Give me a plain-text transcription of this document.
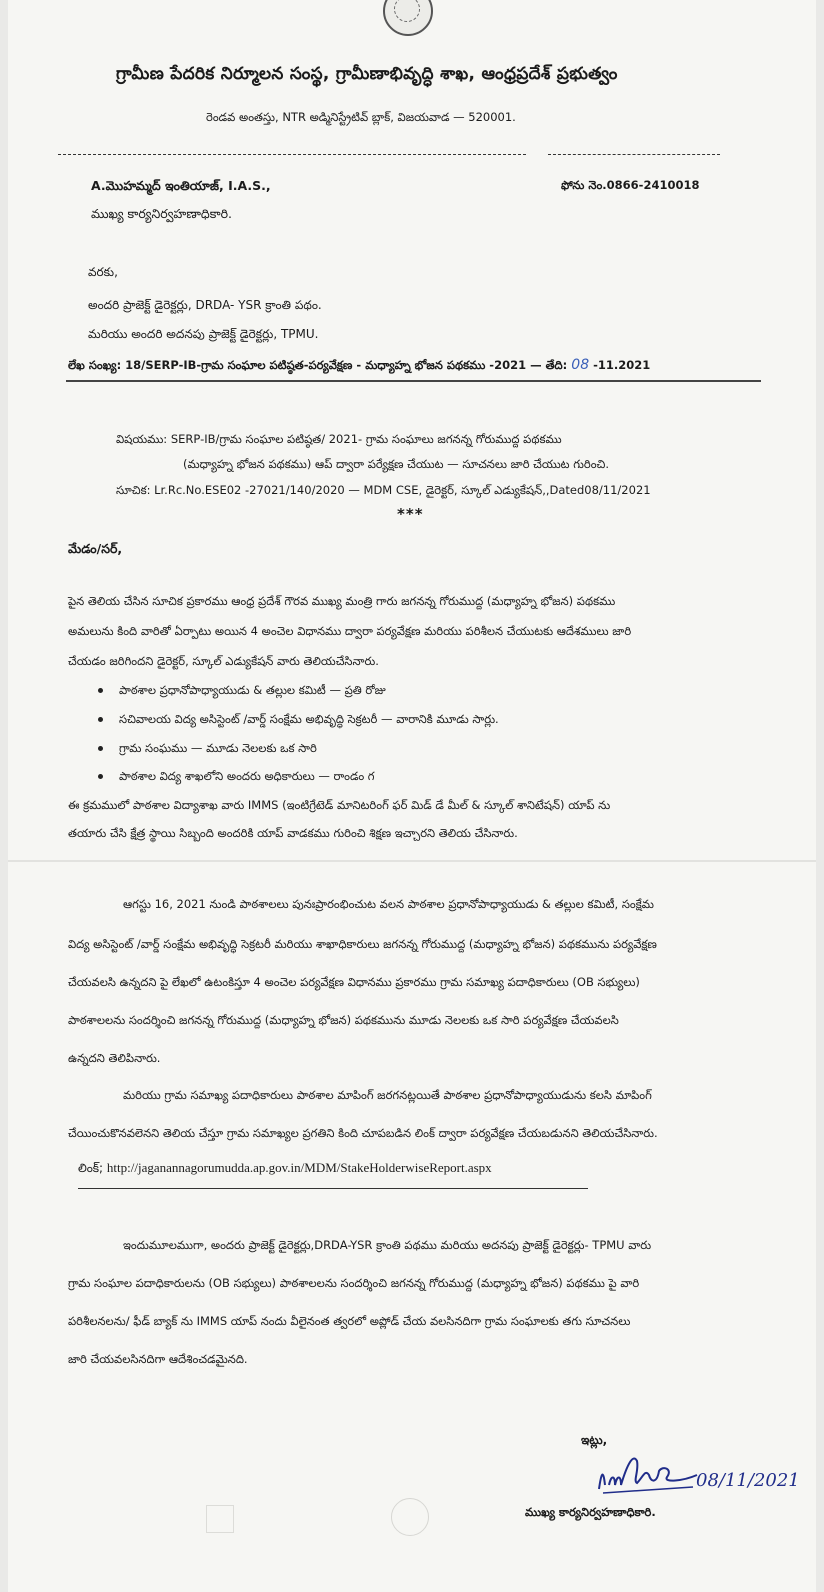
గ్రామీణ పేదరిక నిర్మూలన సంస్థ, గ్రామీణాభివృద్ధి శాఖ, ఆంధ్రప్రదేశ్ ప్రభుత్వం
రెండవ అంతస్తు, NTR అడ్మినిస్ట్రేటివ్ బ్లాక్, విజయవాడ — 520001.
A.మొహమ్మద్ ఇంతియాజ్, I.A.S.,	ఫోను నెం.0866-2410018
ముఖ్య కార్యనిర్వహణాధికారి.
వరకు,
అందరి ప్రాజెక్ట్ డైరెక్టర్లు, DRDA- YSR క్రాంతి పథం.
మరియు అందరి అదనపు ప్రాజెక్ట్ డైరెక్టర్లు, TPMU.
లేఖ సంఖ్య: 18/SERP-IB-గ్రామ సంఘాల పటిష్ఠత-పర్యవేక్షణ - మధ్యాహ్న భోజన పథకము -2021 — తేది: 08 -11.2021
విషయము: SERP-IB/గ్రామ సంఘాల పటిష్ఠత/ 2021- గ్రామ సంఘాలు జగనన్న గోరుముద్ద పథకము
(మధ్యాహ్న భోజన పథకము) ఆప్ ద్వారా పర్యేక్షణ చేయుట — సూచనలు జారి చేయుట గురించి.
సూచిక: Lr.Rc.No.ESE02 -27021/140/2020 — MDM CSE, డైరెక్టర్, స్కూల్ ఎడ్యుకేషన్,,Dated08/11/2021
***
మేడం/సర్,
పైన తెలియ చేసిన సూచిక ప్రకారము ఆంధ్ర ప్రదేశ్ గౌరవ ముఖ్య మంత్రి గారు జగనన్న గోరుముద్ద (మధ్యాహ్న భోజన) పథకము
అమలును కింది వారితో ఏర్పాటు అయిన 4 అంచెల విధానము ద్వారా పర్యవేక్షణ మరియు పరిశీలన చేయుటకు ఆదేశములు జారి
చేయడం జరిగిందని డైరెక్టర్, స్కూల్ ఎడ్యుకేషన్ వారు తెలియచేసినారు.
పాఠశాల ప్రధానోపాధ్యాయుడు & తల్లుల కమిటీ — ప్రతి రోజు
సచివాలయ విద్య అసిస్టెంట్ /వార్డ్ సంక్షేమ అభివృద్ధి సెక్రటరీ — వారానికి మూడు సార్లు.
గ్రామ సంఘము — మూడు నెలలకు ఒక సారి
పాఠశాల విద్య శాఖలోని అందరు అధికారులు — రాండం గ
ఈ క్రమములో పాఠశాల విద్యాశాఖ వారు IMMS (ఇంటిగ్రేటెడ్ మానిటరింగ్ ఫర్ మిడ్ డే మీల్ & స్కూల్ శానిటేషన్) యాప్ ను
తయారు చేసి క్షేత్ర స్థాయి సిబ్బంది అందరికి యాప్ వాడకము గురించి శిక్షణ ఇచ్చారని తెలియ చేసినారు.
ఆగస్టు 16, 2021 నుండి పాఠశాలలు పునఃప్రారంభించుట వలన పాఠశాల ప్రధానోపాధ్యాయుడు & తల్లుల కమిటీ, సంక్షేమ
విద్య అసిస్టెంట్ /వార్డ్ సంక్షేమ అభివృద్ధి సెక్రటరీ మరియు శాఖాధికారులు జగనన్న గోరుముద్ద (మధ్యాహ్న భోజన) పథకమును పర్యవేక్షణ
చేయవలసి ఉన్నదని పై లేఖలో ఉటంకిస్తూ 4 అంచెల పర్యవేక్షణ విధానము ప్రకారము గ్రామ సమాఖ్య పదాధికారులు (OB సభ్యులు)
పాఠశాలలను సందర్శించి జగనన్న గోరుముద్ద (మధ్యాహ్న భోజన) పథకమును మూడు నెలలకు ఒక సారి పర్యవేక్షణ చేయవలసి
ఉన్నదని తెలిపినారు.
మరియు గ్రామ సమాఖ్య పదాధికారులు పాఠశాల మాపింగ్ జరగనట్లయితే పాఠశాల ప్రధానోపాధ్యాయుడును కలసి మాపింగ్
చేయించుకొనవలెనని తెలియ చేస్తూ గ్రామ సమాఖ్యల ప్రగతిని కింది చూపబడిన లింక్ ద్వారా పర్యవేక్షణ చేయబడునని తెలియచేసినారు.
లింక్; http://jaganannagorumudda.ap.gov.in/MDM/StakeHolderwiseReport.aspx
ఇందుమూలముగా, అందరు ప్రాజెక్ట్ డైరెక్టర్లు,DRDA-YSR క్రాంతి పథము మరియు అదనపు ప్రాజెక్ట్ డైరెక్టర్లు- TPMU వారు
గ్రామ సంఘాల పదాధికారులను (OB సభ్యులు) పాఠశాలలను సందర్శించి జగనన్న గోరుముద్ద (మధ్యాహ్న భోజన) పథకము పై వారి
పరిశీలనలను/ ఫీడ్ బ్యాక్ ను IMMS యాప్ నందు వీలైనంత త్వరలో అప్లోడ్ చేయ వలసినదిగా గ్రామ సంఘాలకు తగు సూచనలు
జారి చేయవలసినదిగా ఆదేశించడమైనది.
ఇట్లు,
08/11/2021
ముఖ్య కార్యనిర్వహణాధికారి.
